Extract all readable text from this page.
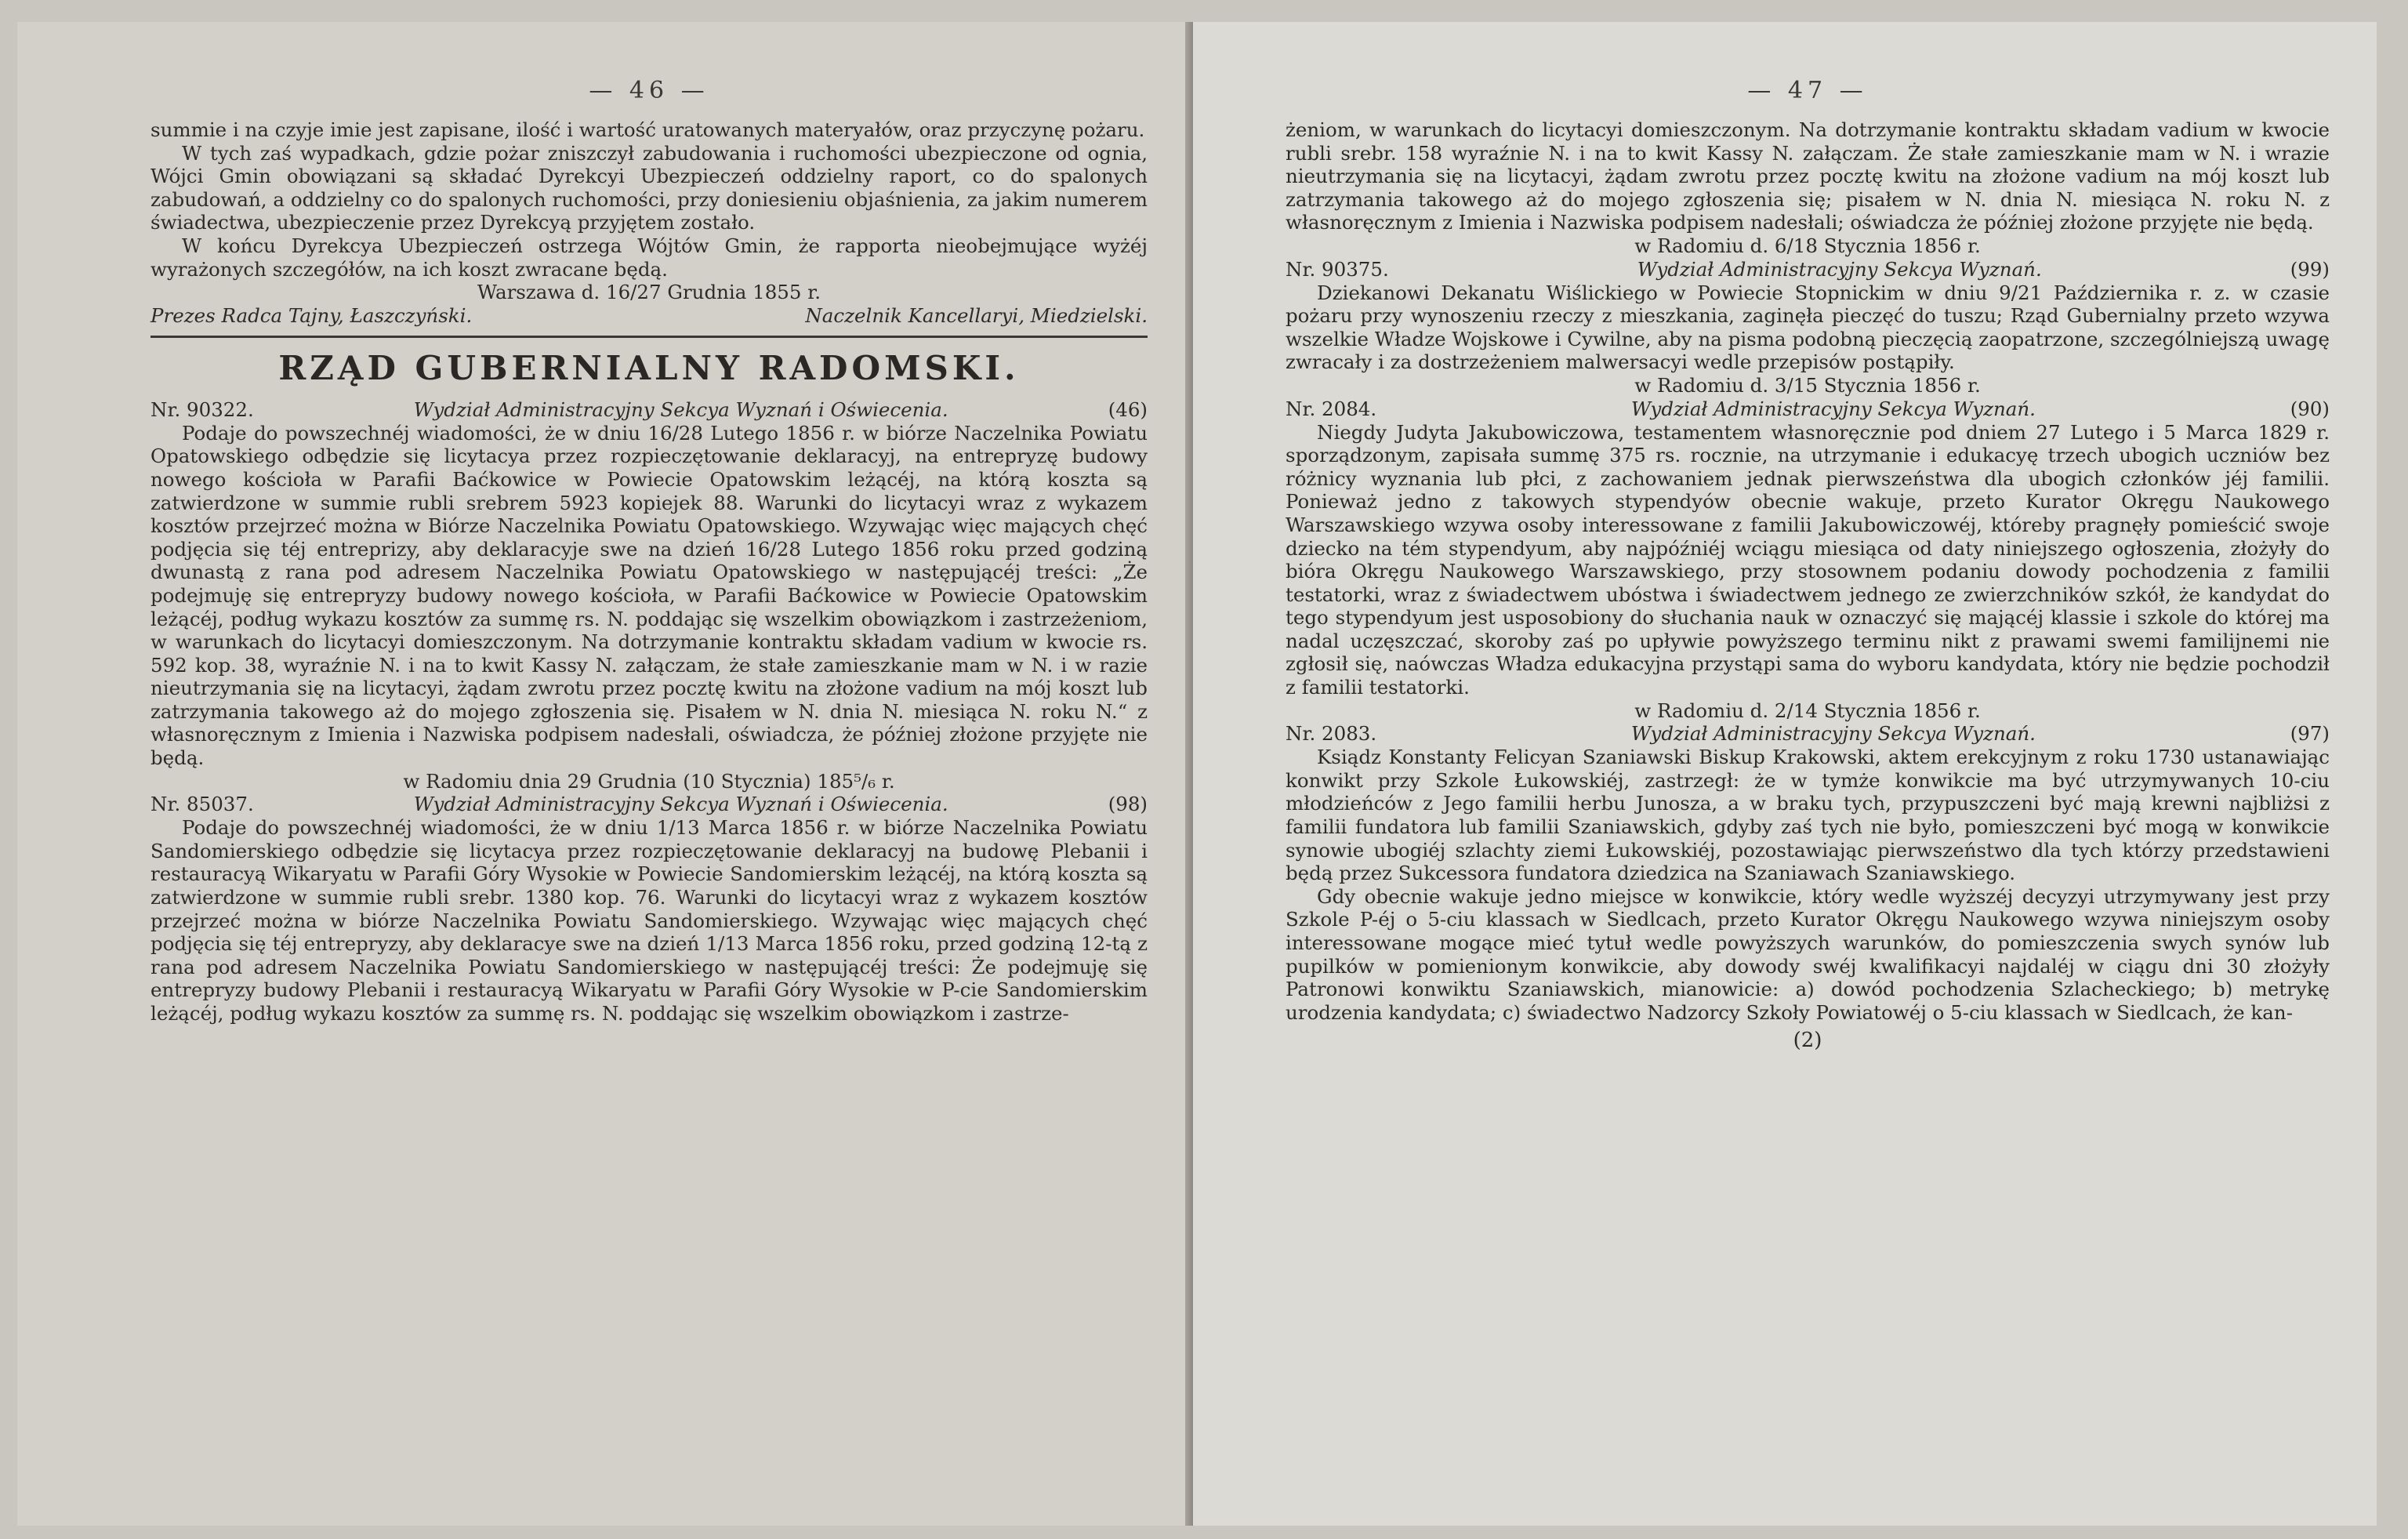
— 46 —

summie i na czyje imie jest zapisane, ilość i wartość uratowanych materyałów, oraz przyczynę pożaru.

W tych zaś wypadkach, gdzie pożar zniszczył zabudowania i ruchomości ubezpieczone od ognia, Wójci Gmin obowiązani są składać Dyrekcyi Ubezpieczeń oddzielny raport, co do spalonych zabudowań, a oddzielny co do spalonych ruchomości, przy doniesieniu objaśnienia, za jakim numerem świadectwa, ubezpieczenie przez Dyrekcyą przyjętem zostało.

W końcu Dyrekcya Ubezpieczeń ostrzega Wójtów Gmin, że rapporta nieobejmujące wyżéj wyrażonych szczegółów, na ich koszt zwracane będą.

Warszawa d. 16/27 Grudnia 1855 r.

Prezes Radca Tajny, Łaszczyński.	Naczelnik Kancellaryi, Miedzielski.
RZĄD GUBERNIALNY RADOMSKI.
Nr. 90322.	Wydział Administracyjny Sekcya Wyznań i Oświecenia.	(46)

Podaje do powszechnéj wiadomości, że w dniu 16/28 Lutego 1856 r. w biórze Naczelnika Powiatu Opatowskiego odbędzie się licytacya przez rozpieczętowanie deklaracyj, na entrepryzę budowy nowego kościoła w Parafii Baćkowice w Powiecie Opatowskim leżącéj, na którą koszta są zatwierdzone w summie rubli srebrem 5923 kopiejek 88. Warunki do licytacyi wraz z wykazem kosztów przejrzeć można w Biórze Naczelnika Powiatu Opatowskiego. Wzywając więc mających chęć podjęcia się téj entreprizy, aby deklaracyje swe na dzień 16/28 Lutego 1856 roku przed godziną dwunastą z rana pod adresem Naczelnika Powiatu Opatowskiego w następującéj treści: „Że podejmuję się entrepryzy budowy nowego kościoła, w Parafii Baćkowice w Powiecie Opatowskim leżącéj, podług wykazu kosztów za summę rs. N. poddając się wszelkim obowiązkom i zastrzeżeniom, w warunkach do licytacyi domieszczonym. Na dotrzymanie kontraktu składam vadium w kwocie rs. 592 kop. 38, wyraźnie N. i na to kwit Kassy N. załączam, że stałe zamieszkanie mam w N. i w razie nieutrzymania się na licytacyi, żądam zwrotu przez pocztę kwitu na złożone vadium na mój koszt lub zatrzymania takowego aż do mojego zgłoszenia się. Pisałem w N. dnia N. miesiąca N. roku N.“ z własnoręcznym z Imienia i Nazwiska podpisem nadesłali, oświadcza, że później złożone przyjęte nie będą.

w Radomiu dnia 29 Grudnia (10 Stycznia) 185⁵/₆ r.

Nr. 85037.	Wydział Administracyjny Sekcya Wyznań i Oświecenia.	(98)

Podaje do powszechnéj wiadomości, że w dniu 1/13 Marca 1856 r. w biórze Naczelnika Powiatu Sandomierskiego odbędzie się licytacya przez rozpieczętowanie deklaracyj na budowę Plebanii i restauracyą Wikaryatu w Parafii Góry Wysokie w Powiecie Sandomierskim leżącéj, na którą koszta są zatwierdzone w summie rubli srebr. 1380 kop. 76. Warunki do licytacyi wraz z wykazem kosztów przejrzeć można w biórze Naczelnika Powiatu Sandomierskiego. Wzywając więc mających chęć podjęcia się téj entrepryzy, aby deklaracye swe na dzień 1/13 Marca 1856 roku, przed godziną 12-tą z rana pod adresem Naczelnika Powiatu Sandomierskiego w następującéj treści: Że podejmuję się entrepryzy budowy Plebanii i restauracyą Wikaryatu w Parafii Góry Wysokie w P-cie Sandomierskim leżącéj, podług wykazu kosztów za summę rs. N. poddając się wszelkim obowiązkom i zastrze-

— 47 —

żeniom, w warunkach do licytacyi domieszczonym. Na dotrzymanie kontraktu składam vadium w kwocie rubli srebr. 158 wyraźnie N. i na to kwit Kassy N. załączam. Że stałe zamieszkanie mam w N. i wrazie nieutrzymania się na licytacyi, żądam zwrotu przez pocztę kwitu na złożone vadium na mój koszt lub zatrzymania takowego aż do mojego zgłoszenia się; pisałem w N. dnia N. miesiąca N. roku N. z własnoręcznym z Imienia i Nazwiska podpisem nadesłali; oświadcza że później złożone przyjęte nie będą.

w Radomiu d. 6/18 Stycznia 1856 r.

Nr. 90375.	Wydział Administracyjny Sekcya Wyznań.	(99)

Dziekanowi Dekanatu Wiślickiego w Powiecie Stopnickim w dniu 9/21 Października r. z. w czasie pożaru przy wynoszeniu rzeczy z mieszkania, zaginęła pieczęć do tuszu; Rząd Gubernialny przeto wzywa wszelkie Władze Wojskowe i Cywilne, aby na pisma podobną pieczęcią zaopatrzone, szczególniejszą uwagę zwracały i za dostrzeżeniem malwersacyi wedle przepisów postąpiły.

w Radomiu d. 3/15 Stycznia 1856 r.

Nr. 2084.	Wydział Administracyjny Sekcya Wyznań.	(90)

Niegdy Judyta Jakubowiczowa, testamentem własnoręcznie pod dniem 27 Lutego i 5 Marca 1829 r. sporządzonym, zapisała summę 375 rs. rocznie, na utrzymanie i edukacyę trzech ubogich uczniów bez różnicy wyznania lub płci, z zachowaniem jednak pierwszeństwa dla ubogich członków jéj familii. Ponieważ jedno z takowych stypendyów obecnie wakuje, przeto Kurator Okręgu Naukowego Warszawskiego wzywa osoby interessowane z familii Jakubowiczowéj, któreby pragnęły pomieścić swoje dziecko na tém stypendyum, aby najpóźniéj wciągu miesiąca od daty niniejszego ogłoszenia, złożyły do bióra Okręgu Naukowego Warszawskiego, przy stosownem podaniu dowody pochodzenia z familii testatorki, wraz z świadectwem ubóstwa i świadectwem jednego ze zwierzchników szkół, że kandydat do tego stypendyum jest usposobiony do słuchania nauk w oznaczyć się mającéj klassie i szkole do której ma nadal uczęszczać, skoroby zaś po upływie powyższego terminu nikt z prawami swemi familijnemi nie zgłosił się, naówczas Władza edukacyjna przystąpi sama do wyboru kandydata, który nie będzie pochodził z familii testatorki.

w Radomiu d. 2/14 Stycznia 1856 r.

Nr. 2083.	Wydział Administracyjny Sekcya Wyznań.	(97)

Ksiądz Konstanty Felicyan Szaniawski Biskup Krakowski, aktem erekcyjnym z roku 1730 ustanawiając konwikt przy Szkole Łukowskiéj, zastrzegł: że w tymże konwikcie ma być utrzymywanych 10-ciu młodzieńców z Jego familii herbu Junosza, a w braku tych, przypuszczeni być mają krewni najbliżsi z familii fundatora lub familii Szaniawskich, gdyby zaś tych nie było, pomieszczeni być mogą w konwikcie synowie ubogiéj szlachty ziemi Łukowskiéj, pozostawiając pierwszeństwo dla tych którzy przedstawieni będą przez Sukcessora fundatora dziedzica na Szaniawach Szaniawskiego.

Gdy obecnie wakuje jedno miejsce w konwikcie, który wedle wyższéj decyzyi utrzymywany jest przy Szkole P-éj o 5-ciu klassach w Siedlcach, przeto Kurator Okręgu Naukowego wzywa niniejszym osoby interessowane mogące mieć tytuł wedle powyższych warunków, do pomieszczenia swych synów lub pupilków w pomienionym konwikcie, aby dowody swéj kwalifikacyi najdaléj w ciągu dni 30 złożyły Patronowi konwiktu Szaniawskich, mianowicie: a) dowód pochodzenia Szlacheckiego; b) metrykę urodzenia kandydata; c) świadectwo Nadzorcy Szkoły Powiatowéj o 5-ciu klassach w Siedlcach, że kan-

(2)
